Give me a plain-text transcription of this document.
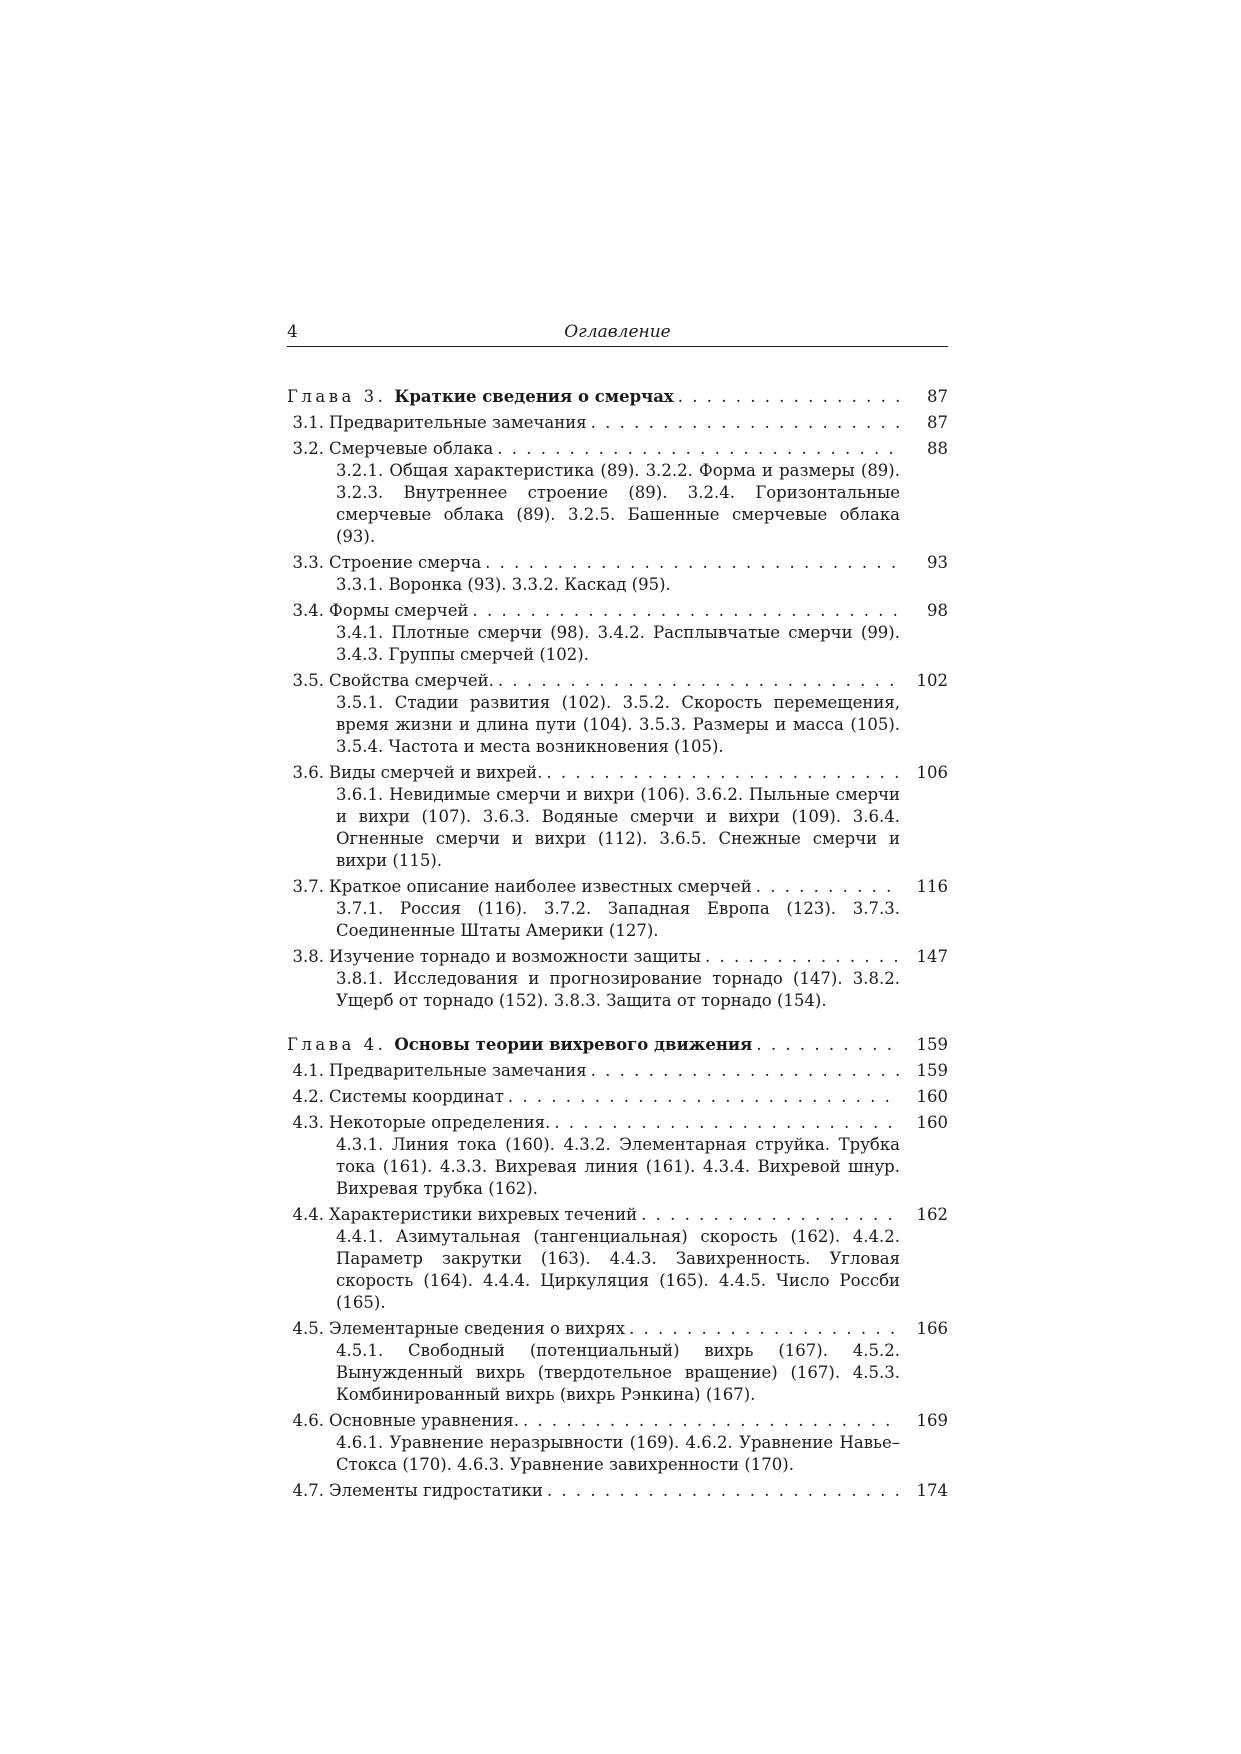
4	Оглавление
Глава 3. Краткие сведения о смерчах . . .	87
3.1. Предварительные замечания . . .	87
3.2. Смерчевые облака . . .	88
3.2.1. Общая характеристика (89). 3.2.2. Форма и размеры (89). 3.2.3. Внутреннее строение (89). 3.2.4. Горизонтальные смерчевые облака (89). 3.2.5. Башенные смерчевые облака (93).
3.3. Строение смерча . . .	93
3.3.1. Воронка (93). 3.3.2. Каскад (95).
3.4. Формы смерчей . . .	98
3.4.1. Плотные смерчи (98). 3.4.2. Расплывчатые смерчи (99). 3.4.3. Группы смерчей (102).
3.5. Свойства смерчей. . . .	102
3.5.1. Стадии развития (102). 3.5.2. Скорость перемещения, время жизни и длина пути (104). 3.5.3. Размеры и масса (105). 3.5.4. Частота и места возникновения (105).
3.6. Виды смерчей и вихрей. . . .	106
3.6.1. Невидимые смерчи и вихри (106). 3.6.2. Пыльные смерчи и вихри (107). 3.6.3. Водяные смерчи и вихри (109). 3.6.4. Огненные смерчи и вихри (112). 3.6.5. Снежные смерчи и вихри (115).
3.7. Краткое описание наиболее известных смерчей . . .	116
3.7.1. Россия (116). 3.7.2. Западная Европа (123). 3.7.3. Соединенные Штаты Америки (127).
3.8. Изучение торнадо и возможности защиты . . .	147
3.8.1. Исследования и прогнозирование торнадо (147). 3.8.2. Ущерб от торнадо (152). 3.8.3. Защита от торнадо (154).
Глава 4. Основы теории вихревого движения . . .	159
4.1. Предварительные замечания . . .	159
4.2. Системы координат . . .	160
4.3. Некоторые определения. . . .	160
4.3.1. Линия тока (160). 4.3.2. Элементарная струйка. Трубка тока (161). 4.3.3. Вихревая линия (161). 4.3.4. Вихревой шнур. Вихревая трубка (162).
4.4. Характеристики вихревых течений . . .	162
4.4.1. Азимутальная (тангенциальная) скорость (162). 4.4.2. Параметр закрутки (163). 4.4.3. Завихренность. Угловая скорость (164). 4.4.4. Циркуляция (165). 4.4.5. Число Россби (165).
4.5. Элементарные сведения о вихрях . . .	166
4.5.1. Свободный (потенциальный) вихрь (167). 4.5.2. Вынужденный вихрь (твердотельное вращение) (167). 4.5.3. Комбинированный вихрь (вихрь Рэнкина) (167).
4.6. Основные уравнения. . . .	169
4.6.1. Уравнение неразрывности (169). 4.6.2. Уравнение Навье–Стокса (170). 4.6.3. Уравнение завихренности (170).
4.7. Элементы гидростатики . . .	174
